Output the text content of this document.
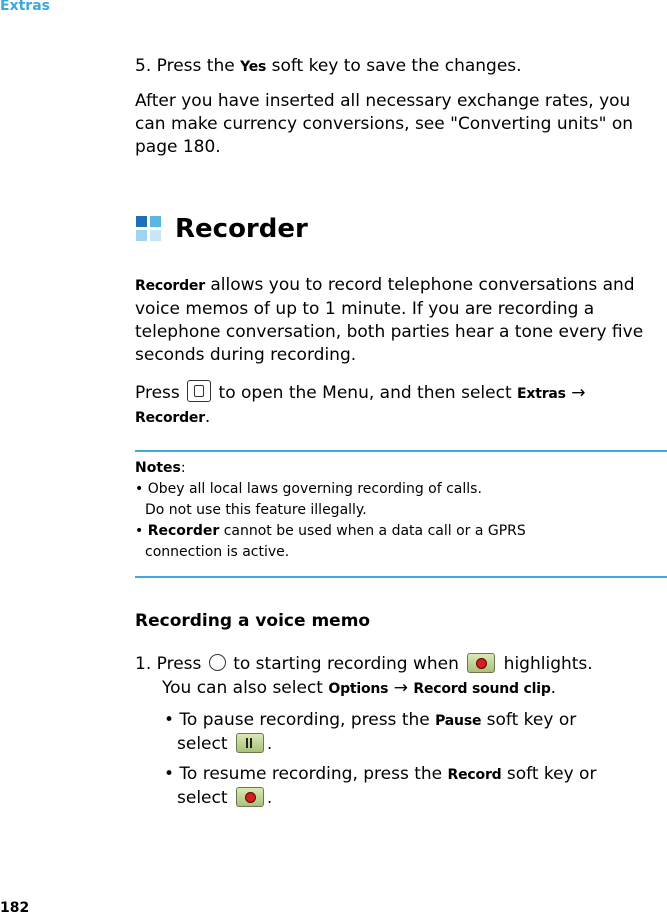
Extras

5. Press the Yes soft key to save the changes.

After you have inserted all necessary exchange rates, you can make currency conversions, see "Converting units" on page 180.

Recorder

Recorder allows you to record telephone conversations and voice memos of up to 1 minute. If you are recording a telephone conversation, both parties hear a tone every five seconds during recording.

Press  to open the Menu, and then select Extras → Recorder.

Notes:
• Obey all local laws governing recording of calls.
Do not use this feature illegally.
• Recorder cannot be used when a data call or a GPRS
connection is active.
Recording a voice memo

1. Press  to starting recording when
highlights.

You can also select Options → Record sound clip.

• To pause recording, press the Pause soft key or

select
.

• To resume recording, press the Record soft key or

select
.

182
